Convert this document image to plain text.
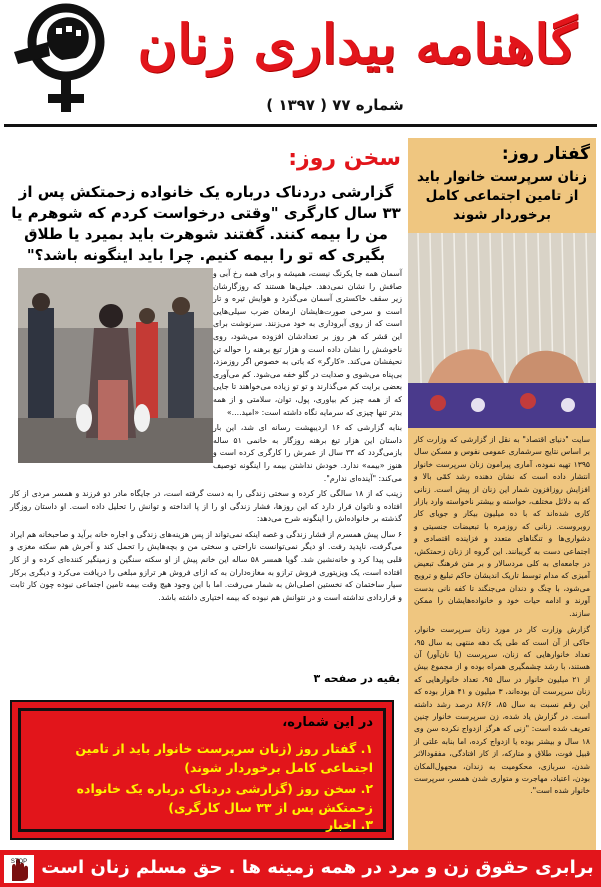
گاهنامه بیداری زنان
شماره ۷۷ ( ۱۳۹۷ )
گفتار روز:
زنان سرپرست خانوار باید از تامین اجتماعی کامل برخوردار شوند

سایت "دنیای اقتصاد" به نقل از گزارشی که وزارت کار بر اساس نتایج سرشماری عمومی نفوس و مسکن سال ۱۳۹۵ تهیه نموده، آماری پیرامون زنان سرپرست خانوار انتشار داده است که نشان دهنده رشد کمّی بالا و افزایش روزافزون شمار این زنان از پیش است. زنانی که به دلائل مختلف، خواسته و بیشتر ناخواسته وارد بازار کاری شده‌اند که با ده میلیون بیکار و جویای کار روبروست. زنانی که روزمره با تبعیضات جنسیتی و دشواری‌ها و تنگناهای متعدد و فزاینده اقتصادی و اجتماعی دست به گریبانند. این گروه از زنان زحمتکش، در جامعه‌ای به کلی مردسالار و بر متن فرهنگ تبعیض آمیزی که مدام توسط تاریک اندیشان حاکم تبلیغ و ترویج می‌شود، با چنگ و دندان می‌جنگند تا کفه نانی بدست آورند و ادامه حیات خود و خانواده‌هایشان را ممکن سازند.

گزارش وزارت کار در مورد زنان سرپرست خانوار، حاکی از آن است که طی یک دهه منتهی به سال ۹۵، تعداد خانوارهایی که زنان، سرپرست (یا نان‌آور) آن هستند، با رشد چشمگیری همراه بوده و از مجموع بیش از ۲۱ میلیون خانوار در سال ۹۵، تعداد خانوارهایی که زنان سرپرست آن بوده‌اند، ۳ میلیون و ۴۱ هزار بوده که این رقم نسبت به سال ۸۵، ۸۶/۶ درصد رشد داشته است. در گزارش یاد شده، زن سرپرست خانوار چنین تعریف شده است: "زنی که هرگز ازدواج نکرده سن وی ۱۸ سال و بیشتر بوده یا ازدواج کرده، اما بنابه علتی از قبیل فوت، طلاق و متارکه، از کار افتادگی، مفقودالاثر شدن، سربازی، محکومیت به زندان، مجهول‌المکان بودن، اعتیاد، مهاجرت و متواری شدن همسر، سرپرست خانوار شده است".

سخن روز:
گزارشی دردناک درباره یک خانواده زحمتکش پس از ۳۳ سال کارگری "وقتی درخواست کردم که شوهرم یا من را بیمه کنند. گفتند شوهرت باید بمیرد یا طلاق بگیری که تو را بیمه کنیم. چرا باید اینگونه باشد؟"

آسمان همه جا یکرنگ نیست، همیشه و برای همه رخ آبی و صافش را نشان نمی‌دهد. خیلی‌ها هستند که روزگارشان زیر سقف خاکستری آسمان می‌گذرد و هوایش تیره و تار است و سرخی صورت‌هایشان ارمغان ضرب سیلی‌هایی است که از روی آبروداری به خود می‌زنند. سرنوشت برای این قشر که هر روز بر تعدادشان افزوده می‌شود، روی ناخوشش را نشان داده است و هزار تیغ برهنه را حواله تن نحیفشان می‌کند. «کارگر» که باتی به خصوص اگر روزمزد، بی‌پناه می‌شوی و صدایت در گلو خفه می‌شود. کم می‌آوری بعضی برایت کم می‌گذارند و تو تو زیاده می‌خواهند تا جایی که از همه چیز کم بیاوری، پول، توان، سلامتی و از همه بدتر تنها چیزی که سرمایه نگاه داشته است: «امید....»

بنابه گزارشی که ۱۶ اردیبهشت رسانه ای شد، این بار داستان این هزار تیغ برهنه روزگار به خانمی ۵۱ ساله بازمی‌گردد که ۳۳ سال از عمرش را کارگری کرده است و هنوز «بیمه» ندارد. خودش نداشتن بیمه را اینگونه توصیف می‌کند: "آینده‌ای ندارم".

زینب که از ۱۸ سالگی کار کرده و سختی زندگی را به دست گرفته است، در جایگاه مادر دو فرزند و همسر مردی از کار افتاده و ناتوان قرار دارد که این روزها، فشار زندگی او را از پا انداخته و توانش را تحلیل داده است. او داستان روزگار گذشته بر خانواده‌اش را اینگونه شرح می‌دهد:

۶ سال پیش همسرم از فشار زندگی و غصه اینکه نمی‌تواند از پس هزینه‌های زندگی و اجاره خانه برآید و صاحبخانه هم ایراد می‌گرفت، ناپدید رفت. او دیگر نمی‌توانست ناراحتی و سختی من و بچه‌هایش را تحمل کند و آخرش هم سکته مغزی و قلبی پیدا کرد و خانه‌نشین شد. گویا همسر ۵۸ ساله این خانم پیش از او سکته سنگین و زمینگیر کننده‌ای کرده و از کار افتاده است، یک ویزیتوری فروش ترازو به مغازه‌داران به که ازای فروش هر ترازو مبلغی را دریافت می‌کرد و دیگری برکار سیار ساختمان که نخستین اصلی‌اش به شمار می‌رفت. اما با این وجود هیچ وقت بیمه تامین اجتماعی نبوده چون کار ثابت و قراردادی نداشته است و در نتوانش هم نبوده که بیمه اختیاری داشته باشد.

بقیه در صفحه ۳
در این شماره،
۱. گفتار روز (زنان سرپرست خانوار باید از تامین اجتماعی کامل برخوردار شوند)
۲. سخن روز (گزارشی دردناک درباره یک خانواده زحمتکش پس از ۳۳ سال کارگری)
۳. اخبار
برابری حقوق زن و مرد در همه زمینه ها . حق مسلم زنان است
STOP
